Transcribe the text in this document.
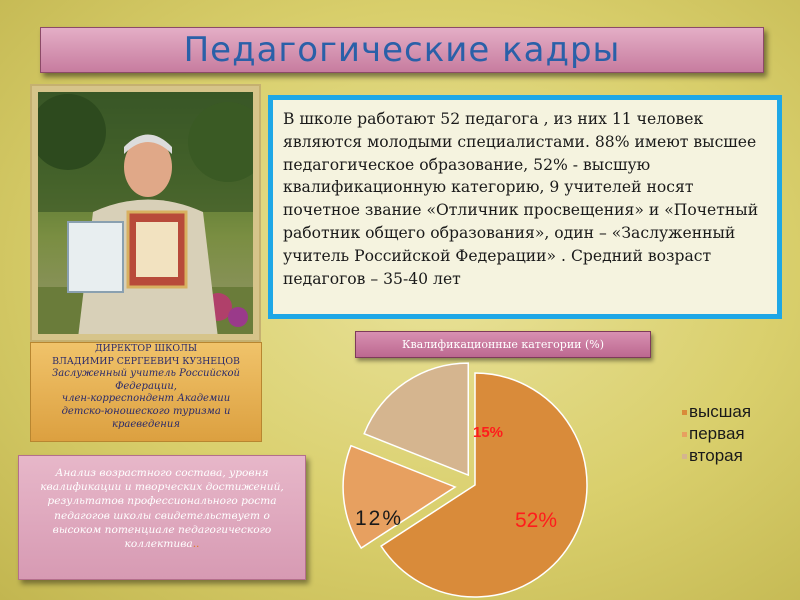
Педагогические кадры

В школе работают 52 педагога , из них 11 человек являются молодыми специалистами. 88% имеют высшее педагогическое образование, 52% - высшую квалификационную категорию, 9 учителей носят почетное звание «Отличник просвещения» и «Почетный работник общего образования», один – «Заслуженный учитель Российской Федерации» . Средний возраст педагогов – 35-40 лет

ДИРЕКТОР ШКОЛЫ
ВЛАДИМИР СЕРГЕЕВИЧ КУЗНЕЦОВ
Заслуженный учитель Российской
Федерации,
член-корреспондент Академии
детско-юношеского туризма и
краеведения

Анализ возрастного состава, уровня квалификации и творческих достижений, результатов профессионального роста педагогов школы свидетельствует о высоком потенциале педагогического коллектива..

Квалификационные категории (%)
52%
12%
15%
высшая
первая
вторая
